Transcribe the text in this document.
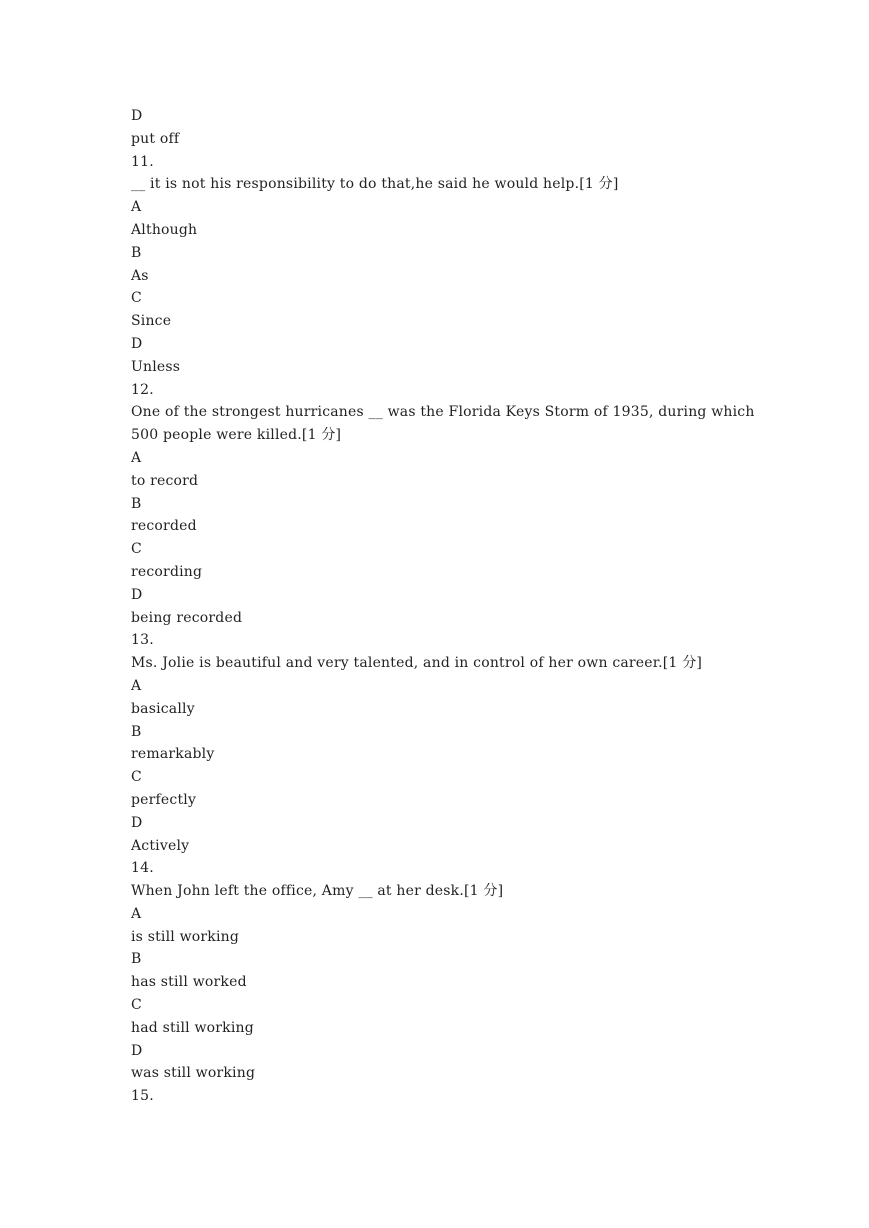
D
put off
11.
__ it is not his responsibility to do that,he said he would help.[1 分]
A
Although
B
As
C
Since
D
Unless
12.
One of the strongest hurricanes __ was the Florida Keys Storm of 1935, during which
500 people were killed.[1 分]
A
to record
B
recorded
C
recording
D
being recorded
13.
Ms. Jolie is beautiful and very talented, and in control of her own career.[1 分]
A
basically
B
remarkably
C
perfectly
D
Actively
14.
When John left the office, Amy __ at her desk.[1 分]
A
is still working
B
has still worked
C
had still working
D
was still working
15.
